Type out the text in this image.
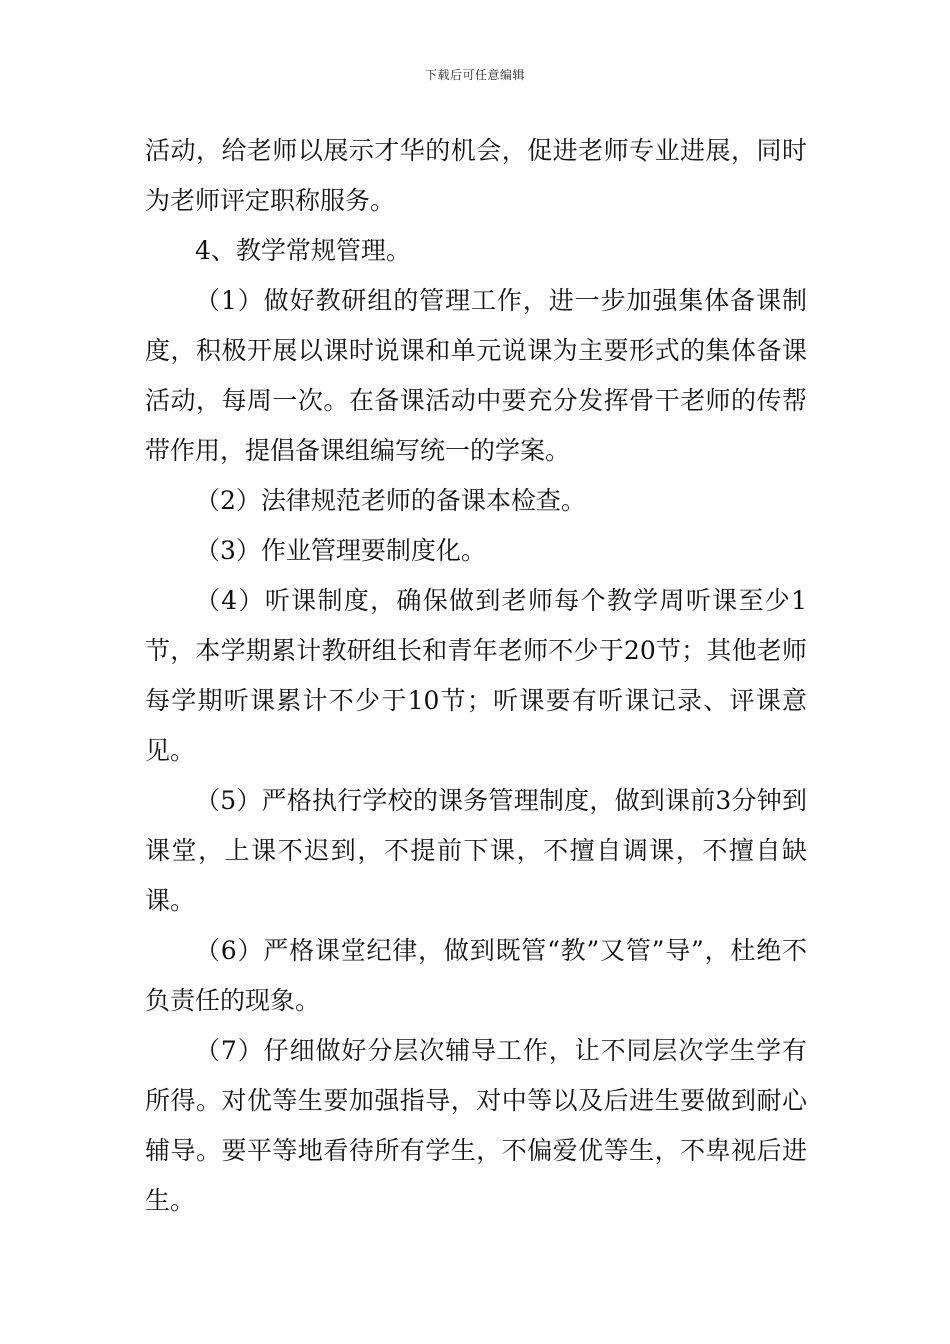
下载后可任意编辑

活动，给老师以展示才华的机会，促进老师专业进展，同时为老师评定职称服务。

4、教学常规管理。

（1）做好教研组的管理工作，进一步加强集体备课制度，积极开展以课时说课和单元说课为主要形式的集体备课活动，每周一次。在备课活动中要充分发挥骨干老师的传帮带作用，提倡备课组编写统一的学案。

（2）法律规范老师的备课本检查。

（3）作业管理要制度化。

（4）听课制度，确保做到老师每个教学周听课至少1节，本学期累计教研组长和青年老师不少于20节；其他老师每学期听课累计不少于10节；听课要有听课记录、评课意见。

（5）严格执行学校的课务管理制度，做到课前3分钟到课堂，上课不迟到，不提前下课，不擅自调课，不擅自缺课。

（6）严格课堂纪律，做到既管“教”又管”导”，杜绝不负责任的现象。

（7）仔细做好分层次辅导工作，让不同层次学生学有所得。对优等生要加强指导，对中等以及后进生要做到耐心辅导。要平等地看待所有学生，不偏爱优等生，不卑视后进生。
